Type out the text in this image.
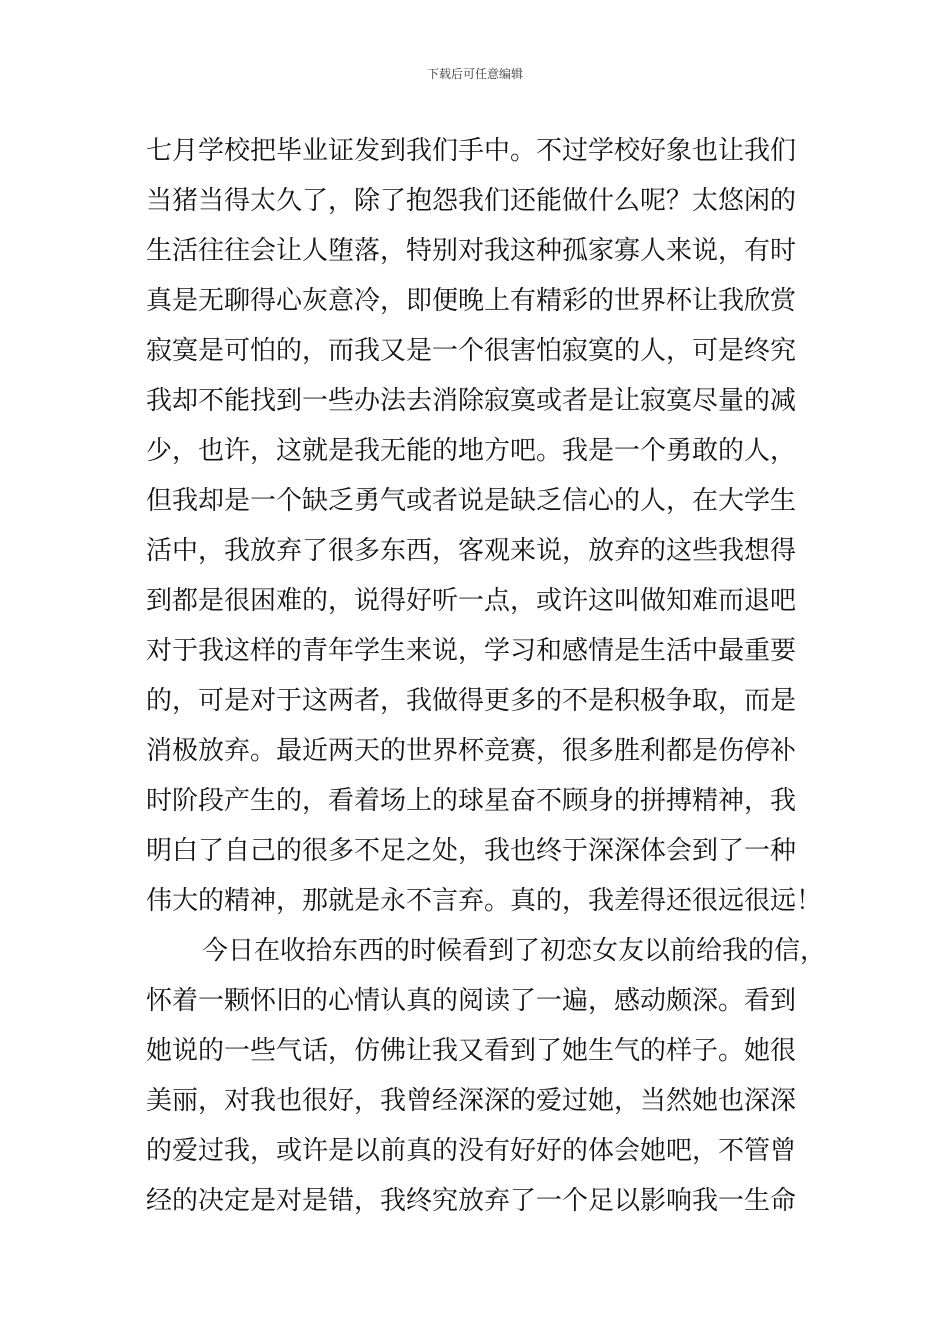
下载后可任意编辑
七月学校把毕业证发到我们手中。不过学校好象也让我们
当猪当得太久了，除了抱怨我们还能做什么呢？太悠闲的
生活往往会让人堕落，特别对我这种孤家寡人来说，有时
真是无聊得心灰意冷，即便晚上有精彩的世界杯让我欣赏
寂寞是可怕的，而我又是一个很害怕寂寞的人，可是终究
我却不能找到一些办法去消除寂寞或者是让寂寞尽量的减
少，也许，这就是我无能的地方吧。我是一个勇敢的人，
但我却是一个缺乏勇气或者说是缺乏信心的人，在大学生
活中，我放弃了很多东西，客观来说，放弃的这些我想得
到都是很困难的，说得好听一点，或许这叫做知难而退吧
对于我这样的青年学生来说，学习和感情是生活中最重要
的，可是对于这两者，我做得更多的不是积极争取，而是
消极放弃。最近两天的世界杯竞赛，很多胜利都是伤停补
时阶段产生的，看着场上的球星奋不顾身的拼搏精神，我
明白了自己的很多不足之处，我也终于深深体会到了一种
伟大的精神，那就是永不言弃。真的，我差得还很远很远！
今日在收拾东西的时候看到了初恋女友以前给我的信，
怀着一颗怀旧的心情认真的阅读了一遍，感动颇深。看到
她说的一些气话，仿佛让我又看到了她生气的样子。她很
美丽，对我也很好，我曾经深深的爱过她，当然她也深深
的爱过我，或许是以前真的没有好好的体会她吧，不管曾
经的决定是对是错，我终究放弃了一个足以影响我一生命
